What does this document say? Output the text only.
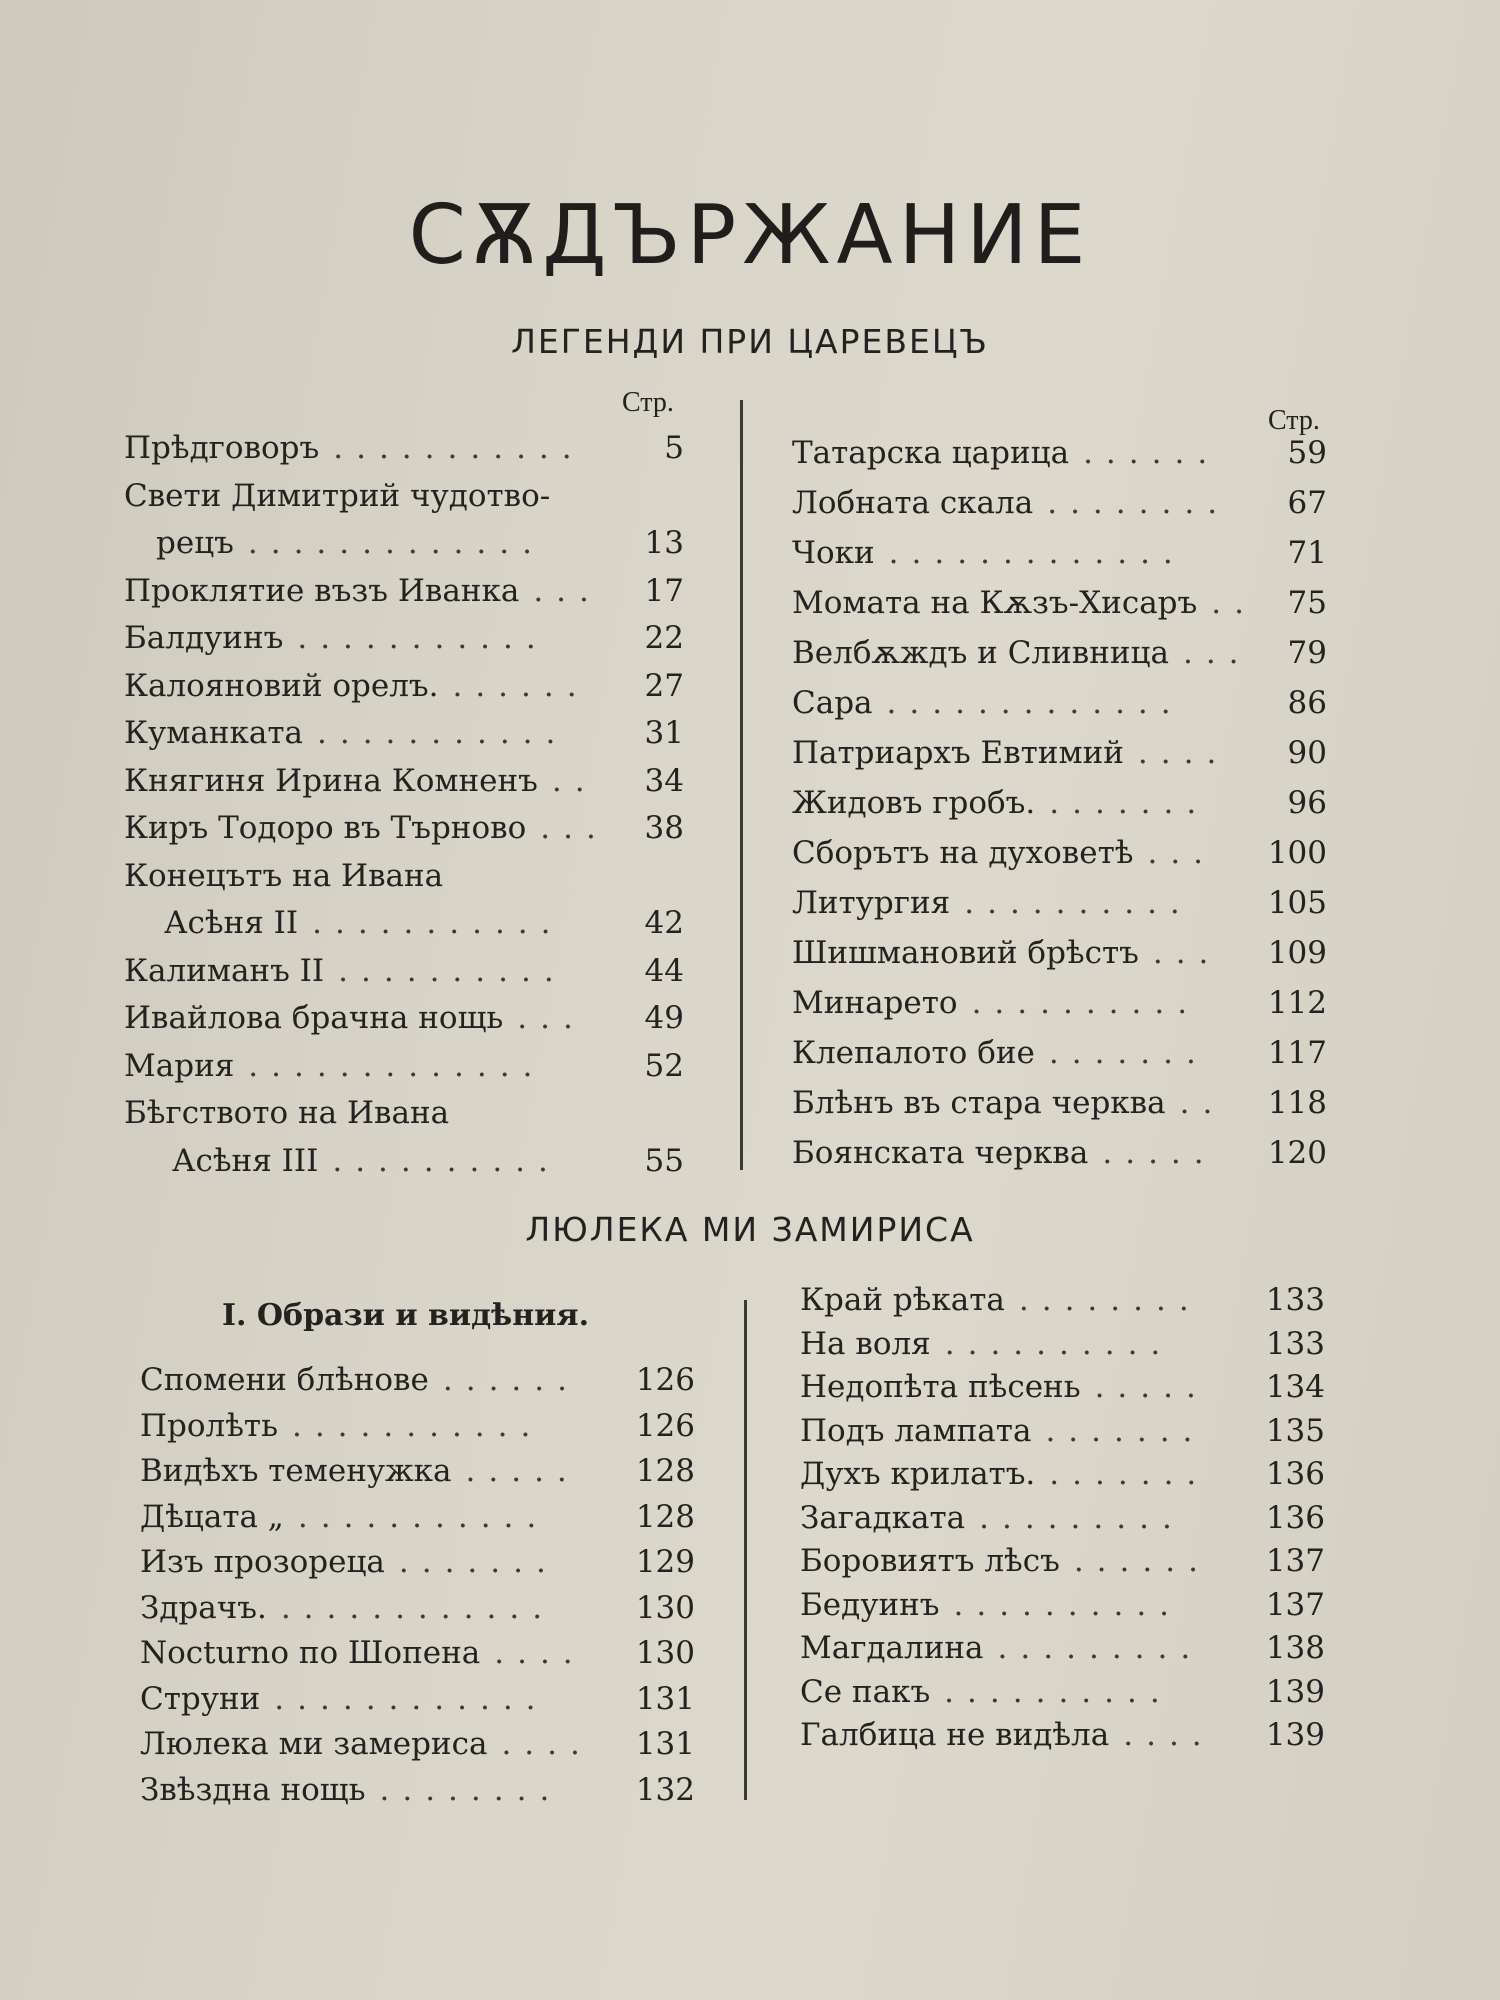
СѪДЪРЖАНИЕ
ЛЕГЕНДИ ПРИ ЦАРЕВЕЦЪ
ЛЮЛЕКА МИ ЗАМИРИСА
Стр.
Стр.
I. Образи и видѣния.
Прѣдговоръ	5
...........
Свети Димитрий чудотво-
рецъ	13
.............
Проклятие възъ Иванка	17
...
Балдуинъ	22
...........
Калояновий орелъ.	27
......
Куманката	31
...........
Княгиня Ирина Комненъ	34
..
Киръ Тодоро въ Търново	38
...
Конецътъ на Ивана
Асѣня II	42
...........
Калиманъ II	44
..........
Ивайлова брачна нощь	49
...
Мария	52
.............
Бѣгството на Ивана
Асѣня III	55
..........
Татарска царица	59
......
Лобната скала	67
........
Чоки	71
.............
Момата на Кѫзъ-Хисаръ	75
..
Велбѫждъ и Сливница	79
...
Сара	86
.............
Патриархъ Евтимий	90
....
Жидовъ гробъ.	96
.......
Сборътъ на духоветѣ	100
...
Литургия	105
..........
Шишмановий брѣстъ	109
...
Минарето	112
..........
Клепалото бие	117
.......
Блѣнъ въ стара черква	118
..
Боянската черква	120
.....
Спомени блѣнове	126
......
Пролѣть	126
...........
Видѣхъ теменужка	128
.....
Дѣцата „	128
...........
Изъ прозореца	129
.......
Здрачъ.	130
............
Nocturno по Шопена	130
....
Струни	131
............
Люлека ми замериса	131
....
Звѣздна нощь	132
........
Край рѣката	133
........
На воля	133
..........
Недопѣта пѣсень	134
.....
Подъ лампата	135
.......
Духъ крилатъ.	136
.......
Загадката	136
.........
Боровиятъ лѣсъ	137
......
Бедуинъ	137
..........
Магдалина	138
.........
Се пакъ	139
..........
Галбица не видѣла	139
....
